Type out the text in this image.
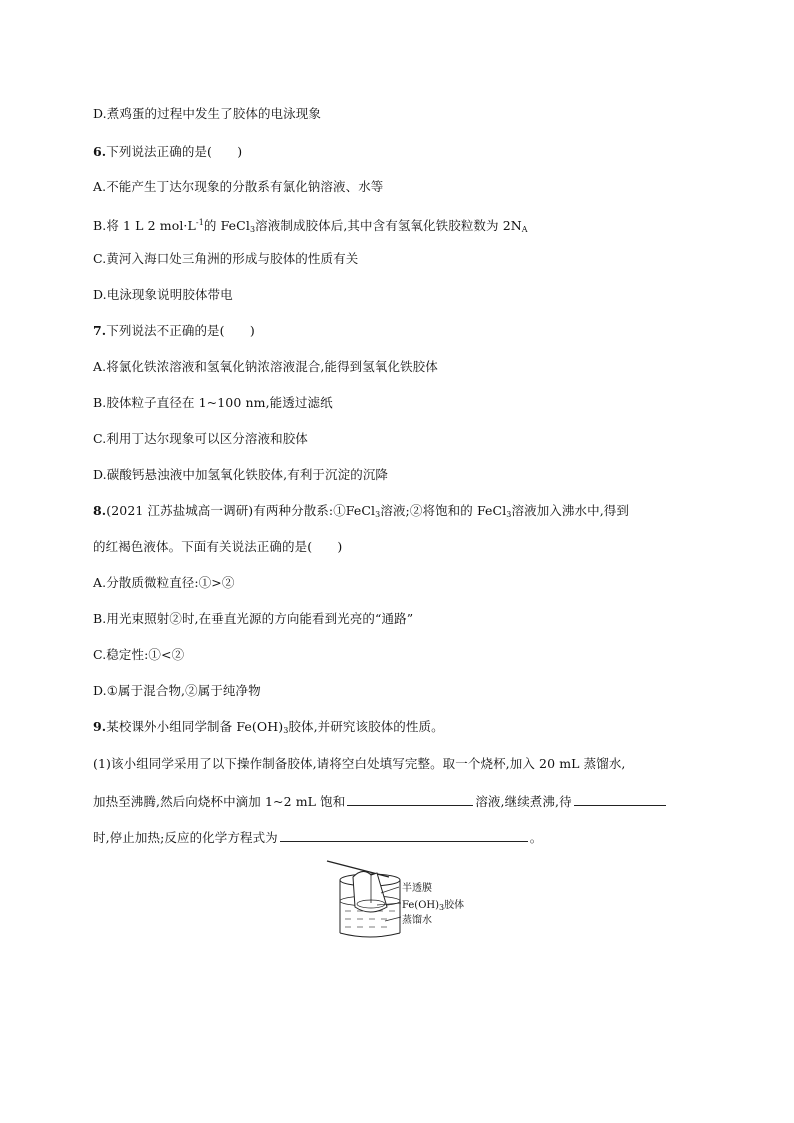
D.煮鸡蛋的过程中发生了胶体的电泳现象
6.下列说法正确的是(　　)
A.不能产生丁达尔现象的分散系有氯化钠溶液、水等
B.将 1 L 2 $mol\cdot L^{-1}$的 FeCl$_3$溶液制成胶体后,其中含有氢氧化铁胶粒数为 $2N_A$
C.黄河入海口处三角洲的形成与胶体的性质有关
D.电泳现象说明胶体带电
7.下列说法不正确的是(　　)
A.将氯化铁浓溶液和氢氧化钠浓溶液混合,能得到氢氧化铁胶体
B.胶体粒子直径在 1~100 nm,能透过滤纸
C.利用丁达尔现象可以区分溶液和胶体
D.碳酸钙悬浊液中加氢氧化铁胶体,有利于沉淀的沉降
8.(2021 江苏盐城高一调研)有两种分散系:①FeCl$_3$溶液;②将饱和的 FeCl$_3$溶液加入沸水中,得到
的红褐色液体。下面有关说法正确的是(　　)
A.分散质微粒直径:①>②
B.用光束照射②时,在垂直光源的方向能看到光亮的“通路”
C.稳定性:①<②
D.①属于混合物,②属于纯净物
9.某校课外小组同学制备 $Fe(OH)_3$胶体,并研究该胶体的性质。
(1)该小组同学采用了以下操作制备胶体,请将空白处填写完整。取一个烧杯,加入 20 mL 蒸馏水,
加热至沸腾,然后向烧杯中滴加 1~2 mL 饱和	溶液,继续煮沸,待
时,停止加热;反应的化学方程式为	。
半透膜
$Fe(OH)_3$胶体
蒸馏水
